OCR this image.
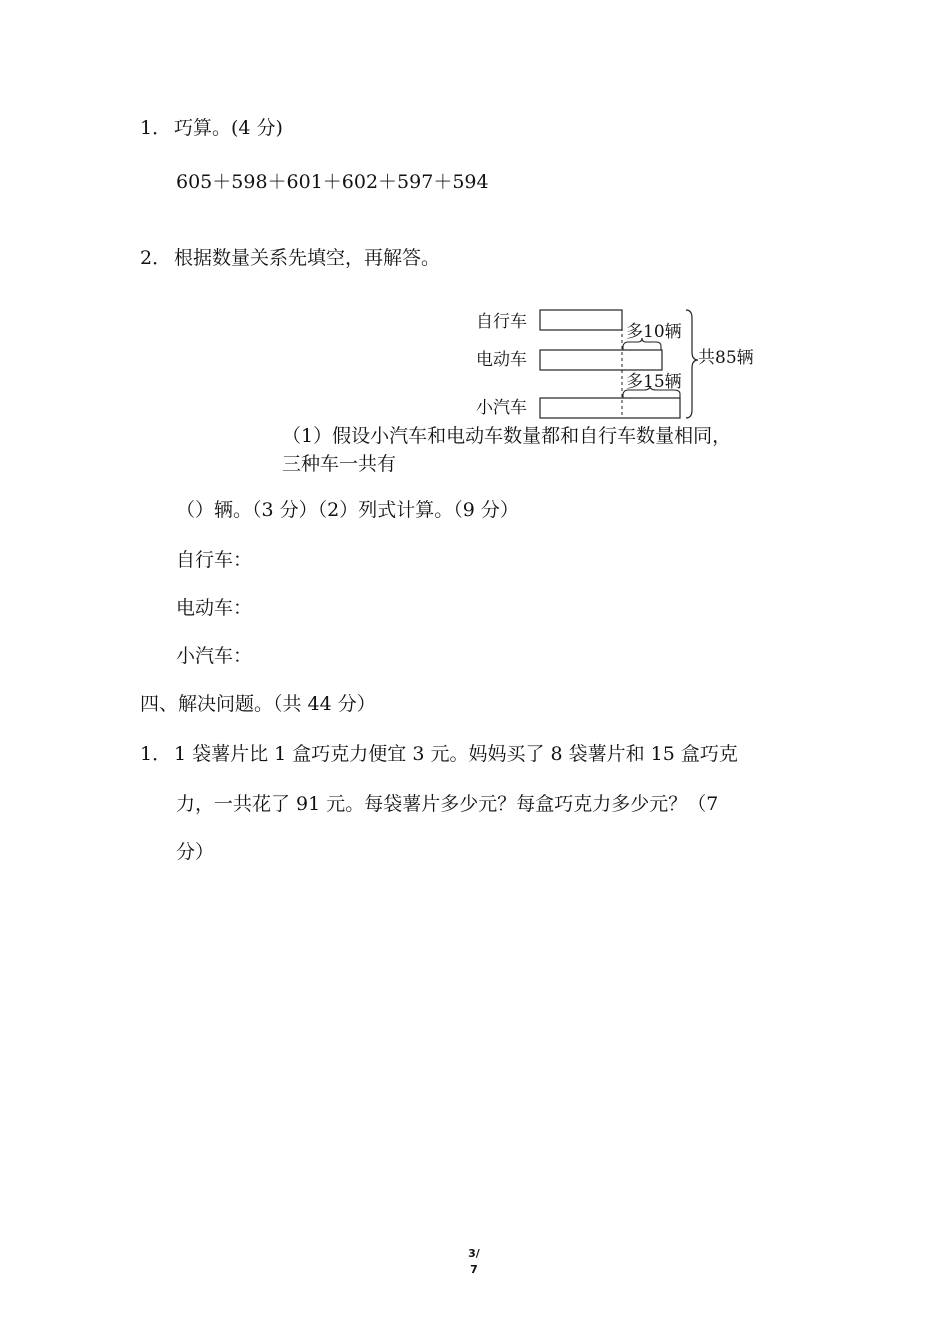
1． 巧算。(4 分)
605＋598＋601＋602＋597＋594
2． 根据数量关系先填空，再解答。
自行车
电动车
小汽车
多10辆
多15辆
共85辆
（1）假设小汽车和电动车数量都和自行车数量相同，
三种车一共有
（）辆。（3 分）（2）列式计算。（9 分）
自行车：
电动车：
小汽车：
四、解决问题。（共 44 分）
1． 1 袋薯片比 1 盒巧克力便宜 3 元。妈妈买了 8 袋薯片和 15 盒巧克
力，一共花了 91 元。每袋薯片多少元？每盒巧克力多少元？（7
分）
3/
7
